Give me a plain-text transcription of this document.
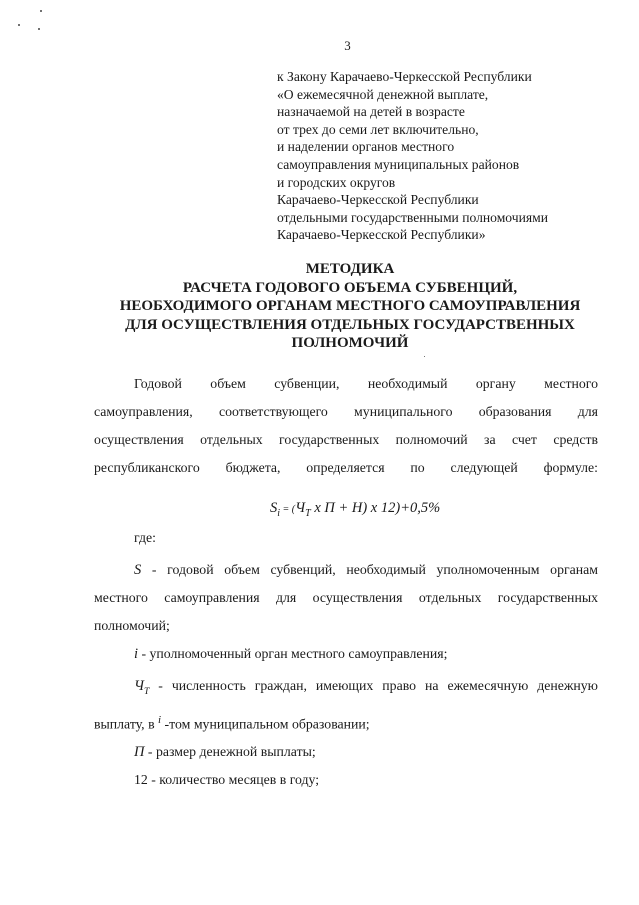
3
к Закону Карачаево-Черкесской Республики
«О ежемесячной денежной выплате,
назначаемой на детей в возрасте
от трех до семи лет включительно,
и наделении органов местного
самоуправления муниципальных районов
и городских округов
Карачаево-Черкесской Республики
отдельными государственными полномочиями
Карачаево-Черкесской Республики»
МЕТОДИКА
РАСЧЕТА ГОДОВОГО ОБЪЕМА СУБВЕНЦИЙ,
НЕОБХОДИМОГО ОРГАНАМ МЕСТНОГО САМОУПРАВЛЕНИЯ
ДЛЯ ОСУЩЕСТВЛЕНИЯ ОТДЕЛЬНЫХ ГОСУДАРСТВЕННЫХ
ПОЛНОМОЧИЙ
Годовой объем субвенции, необходимый органу местного
самоуправления, соответствующего муниципального образования для
осуществления отдельных государственных полномочий за счет средств
республиканского бюджета, определяется по следующей формуле:
$S_i = (Ч_Т$ x П + Н) x 12)+0,5%
где:
S - годовой объем субвенций, необходимый уполномоченным органам
местного самоуправления для осуществления отдельных государственных
полномочий;
i - уполномоченный орган местного самоуправления;
$Ч_Т$ - численность граждан, имеющих право на ежемесячную денежную
выплату, в $^i$ -том муниципальном образовании;
П - размер денежной выплаты;
12 - количество месяцев в году;
